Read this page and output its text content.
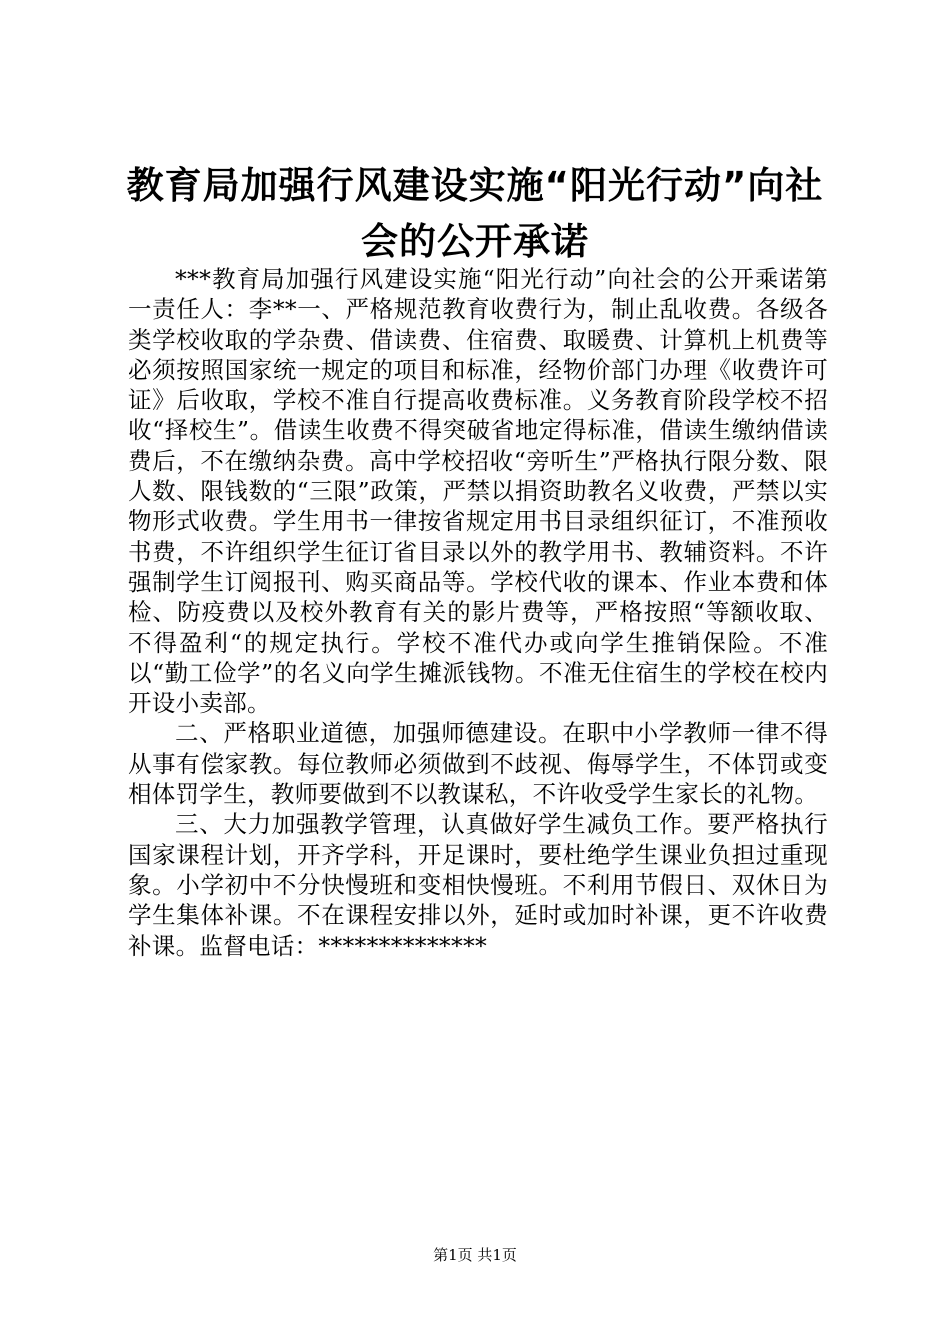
教育局加强行风建设实施“阳光行动”向社会的公开承诺

***教育局加强行风建设实施“阳光行动”向社会的公开乘诺第一责任人：李**一、严格规范教育收费行为，制止乱收费。各级各类学校收取的学杂费、借读费、住宿费、取暖费、计算机上机费等必须按照国家统一规定的项目和标准，经物价部门办理《收费许可证》后收取，学校不准自行提高收费标准。义务教育阶段学校不招收“择校生”。借读生收费不得突破省地定得标准，借读生缴纳借读费后，不在缴纳杂费。高中学校招收“旁听生”严格执行限分数、限人数、限钱数的“三限”政策，严禁以捐资助教名义收费，严禁以实物形式收费。学生用书一律按省规定用书目录组织征订，不准预收书费，不许组织学生征订省目录以外的教学用书、教辅资料。不许强制学生订阅报刊、购买商品等。学校代收的课本、作业本费和体检、防疫费以及校外教育有关的影片费等，严格按照“等额收取、不得盈利“的规定执行。学校不准代办或向学生推销保险。不准以“勤工俭学”的名义向学生摊派钱物。不准无住宿生的学校在校内开设小卖部。

二、严格职业道德，加强师德建设。在职中小学教师一律不得从事有偿家教。每位教师必须做到不歧视、侮辱学生，不体罚或变相体罚学生，教师要做到不以教谋私，不许收受学生家长的礼物。

三、大力加强教学管理，认真做好学生减负工作。要严格执行国家课程计划，开齐学科，开足课时，要杜绝学生课业负担过重现象。小学初中不分快慢班和变相快慢班。不利用节假日、双休日为学生集体补课。不在课程安排以外，延时或加时补课，更不许收费补课。监督电话：**************

第1页 共1页
